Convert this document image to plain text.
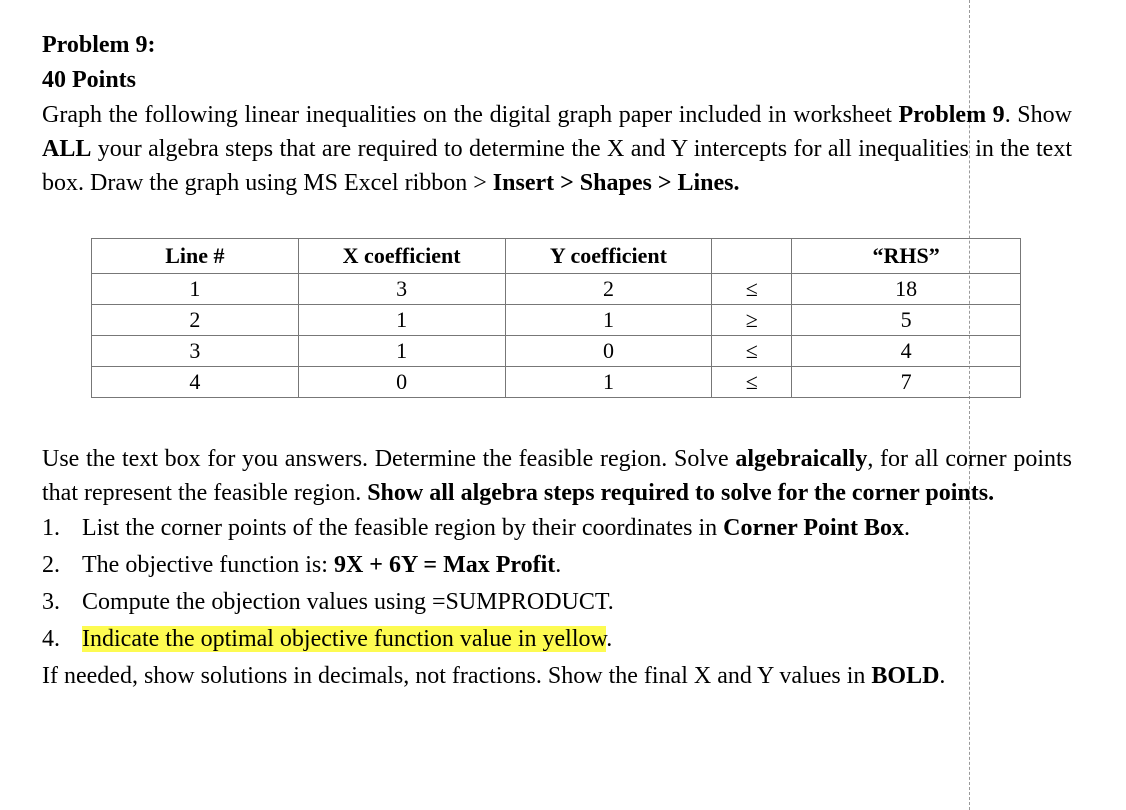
Problem 9:

40 Points

Graph the following linear inequalities on the digital graph paper included in worksheet Problem 9. Show ALL your algebra steps that are required to determine the X and Y intercepts for all inequalities in the text box. Draw the graph using MS Excel ribbon > Insert > Shapes > Lines.

Line #	X coefficient	Y coefficient		“RHS”
1	3	2	≤	18
2	1	1	≥	5
3	1	0	≤	4
4	0	1	≤	7

Use the text box for you answers. Determine the feasible region. Solve algebraically, for all corner points that represent the feasible region. Show all algebra steps required to solve for the corner points.

1. List the corner points of the feasible region by their coordinates in Corner Point Box.
2. The objective function is: 9X + 6Y = Max Profit.
3. Compute the objection values using =SUMPRODUCT.
4. Indicate the optimal objective function value in yellow.

If needed, show solutions in decimals, not fractions. Show the final X and Y values in BOLD.
